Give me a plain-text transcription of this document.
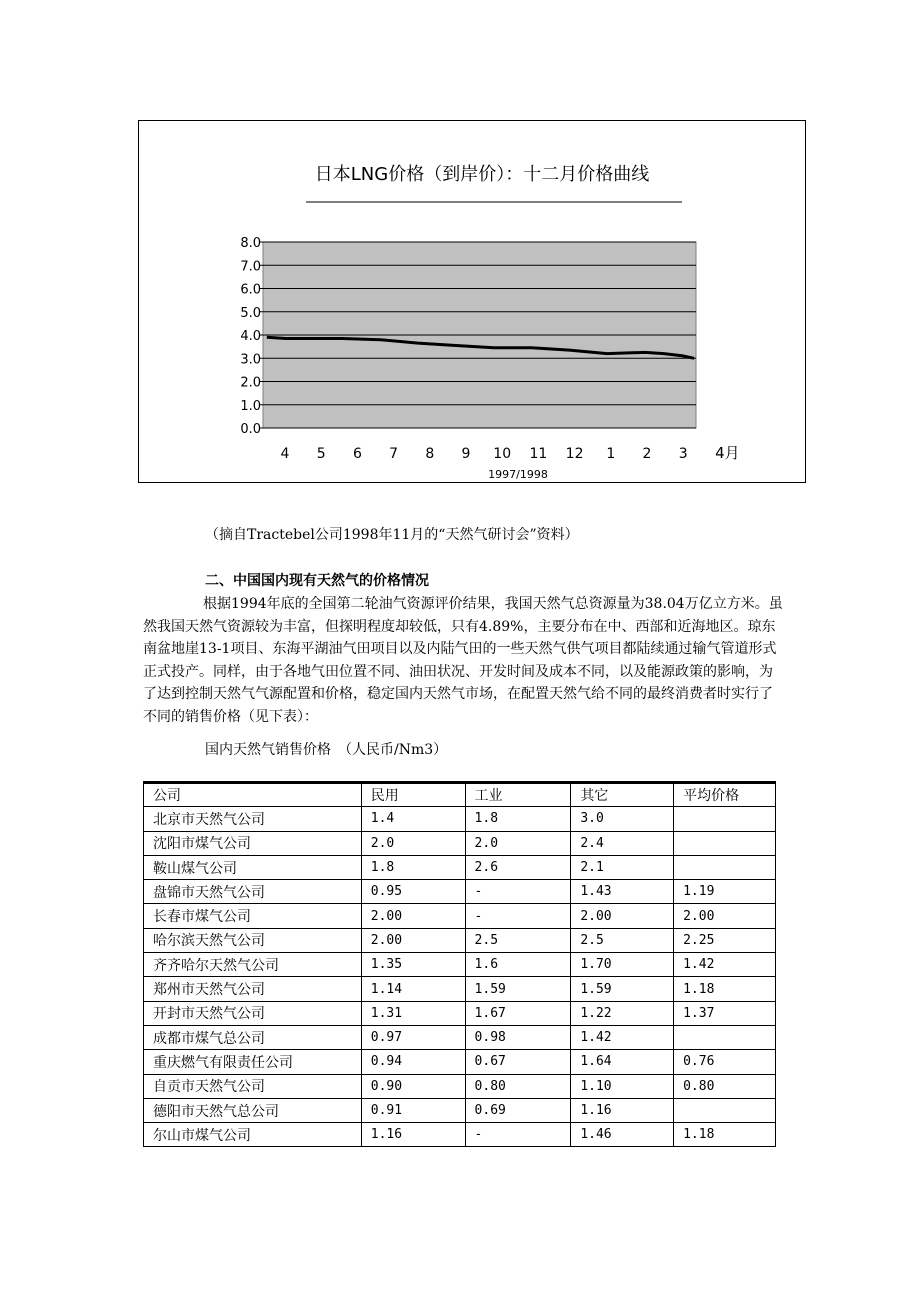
日本LNG价格（到岸价）：十二月价格曲线
0.0
1.0
2.0
3.0
4.0
5.0
6.0
7.0
8.0
4 5 6 7 8 9 10 11 12 1 2 3 4月
1997/1998
（摘自Tractebel公司1998年11月的“天然气研讨会”资料）
二、中国国内现有天然气的价格情况

根据1994年底的全国第二轮油气资源评价结果，我国天然气总资源量为38.04万亿立方米。虽然我国天然气资源较为丰富，但探明程度却较低，只有4.89%，主要分布在中、西部和近海地区。琼东南盆地崖13-1项目、东海平湖油气田项目以及内陆气田的一些天然气供气项目都陆续通过输气管道形式正式投产。同样，由于各地气田位置不同、油田状况、开发时间及成本不同，以及能源政策的影响，为了达到控制天然气气源配置和价格，稳定国内天然气市场，在配置天然气给不同的最终消费者时实行了不同的销售价格（见下表）：

国内天然气销售价格　（人民币/Nm3）
公司	民用	工业	其它	平均价格
北京市天然气公司	1.4	1.8	3.0	
沈阳市煤气公司	2.0	2.0	2.4	
鞍山煤气公司	1.8	2.6	2.1	
盘锦市天然气公司	0.95	-	1.43	1.19
长春市煤气公司	2.00	-	2.00	2.00
哈尔滨天然气公司	2.00	2.5	2.5	2.25
齐齐哈尔天然气公司	1.35	1.6	1.70	1.42
郑州市天然气公司	1.14	1.59	1.59	1.18
开封市天然气公司	1.31	1.67	1.22	1.37
成都市煤气总公司	0.97	0.98	1.42	
重庆燃气有限责任公司	0.94	0.67	1.64	0.76
自贡市天然气公司	0.90	0.80	1.10	0.80
德阳市天然气总公司	0.91	0.69	1.16	
尔山市煤气公司	1.16	-	1.46	1.18
